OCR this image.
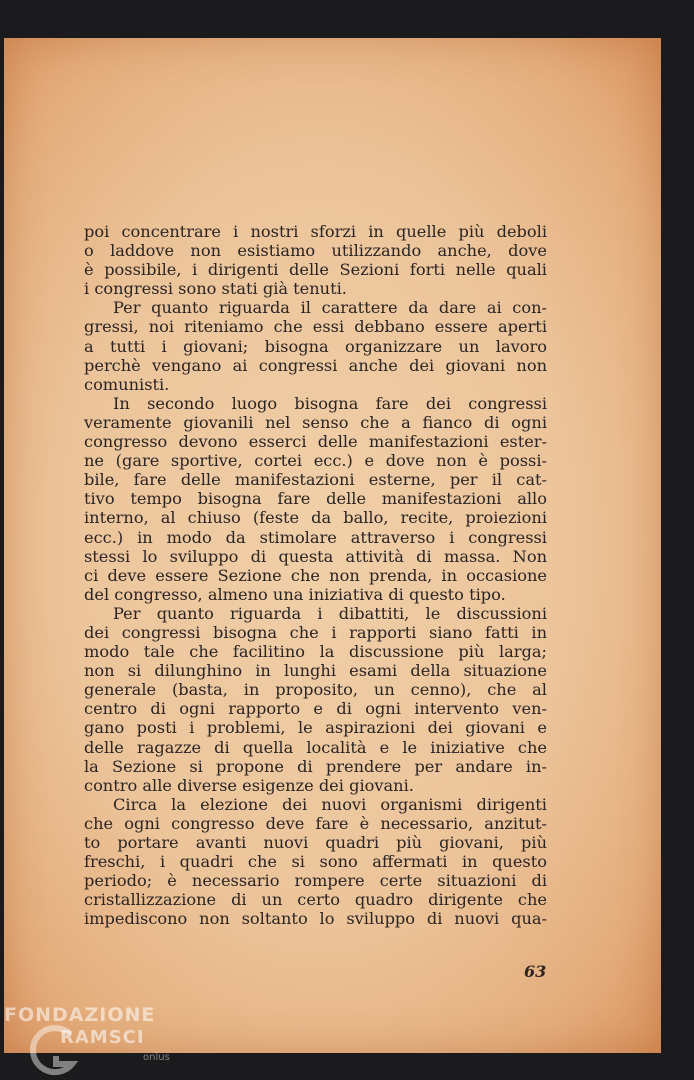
poi concentrare i nostri sforzi in quelle più deboli
o laddove non esistiamo utilizzando anche, dove
è possibile, i dirigenti delle Sezioni forti nelle quali
i congressi sono stati già tenuti.
Per quanto riguarda il carattere da dare ai con-
gressi, noi riteniamo che essi debbano essere aperti
a tutti i giovani; bisogna organizzare un lavoro
perchè vengano ai congressi anche dei giovani non
comunisti.
In secondo luogo bisogna fare dei congressi
veramente giovanili nel senso che a fianco di ogni
congresso devono esserci delle manifestazioni ester-
ne (gare sportive, cortei ecc.) e dove non è possi-
bile, fare delle manifestazioni esterne, per il cat-
tivo tempo bisogna fare delle manifestazioni allo
interno, al chiuso (feste da ballo, recite, proiezioni
ecc.) in modo da stimolare attraverso i congressi
stessi lo sviluppo di questa attività di massa. Non
ci deve essere Sezione che non prenda, in occasione
del congresso, almeno una iniziativa di questo tipo.
Per quanto riguarda i dibattiti, le discussioni
dei congressi bisogna che i rapporti siano fatti in
modo tale che facilitino la discussione più larga;
non si dilunghino in lunghi esami della situazione
generale (basta, in proposito, un cenno), che al
centro di ogni rapporto e di ogni intervento ven-
gano posti i problemi, le aspirazioni dei giovani e
delle ragazze di quella località e le iniziative che
la Sezione si propone di prendere per andare in-
contro alle diverse esigenze dei giovani.
Circa la elezione dei nuovi organismi dirigenti
che ogni congresso deve fare è necessario, anzitut-
to portare avanti nuovi quadri più giovani, più
freschi, i quadri che si sono affermati in questo
periodo; è necessario rompere certe situazioni di
cristallizzazione di un certo quadro dirigente che
impediscono non soltanto lo sviluppo di nuovi qua-
63
FONDAZIONE
RAMSCI
onlus
